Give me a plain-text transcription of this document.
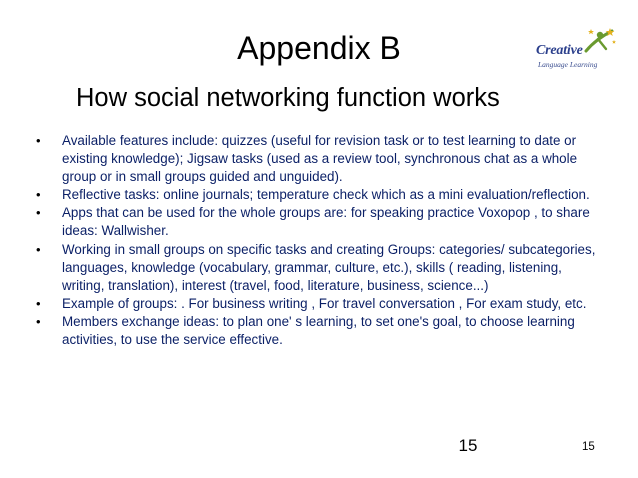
Appendix B
How social networking function works
Creative
Language Learning
• Available features include: quizzes (useful for revision task or to test learning to date or existing knowledge); Jigsaw tasks (used as a review tool, synchronous chat as a whole group or in small groups guided and unguided).
• Reflective tasks: online journals; temperature check which as a mini evaluation/reflection.
• Apps that can be used for the whole groups are: for speaking practice Voxopop , to share ideas: Wallwisher.
• Working in small groups on specific tasks and creating Groups: categories/ subcategories, languages, knowledge (vocabulary, grammar, culture, etc.), skills ( reading, listening, writing, translation), interest (travel, food, literature, business, science...)
• Example of groups: . For business writing , For travel conversation , For exam study, etc.
• Members exchange ideas: to plan one' s learning, to set one's goal, to choose learning activities, to use the service effective.
15	15
